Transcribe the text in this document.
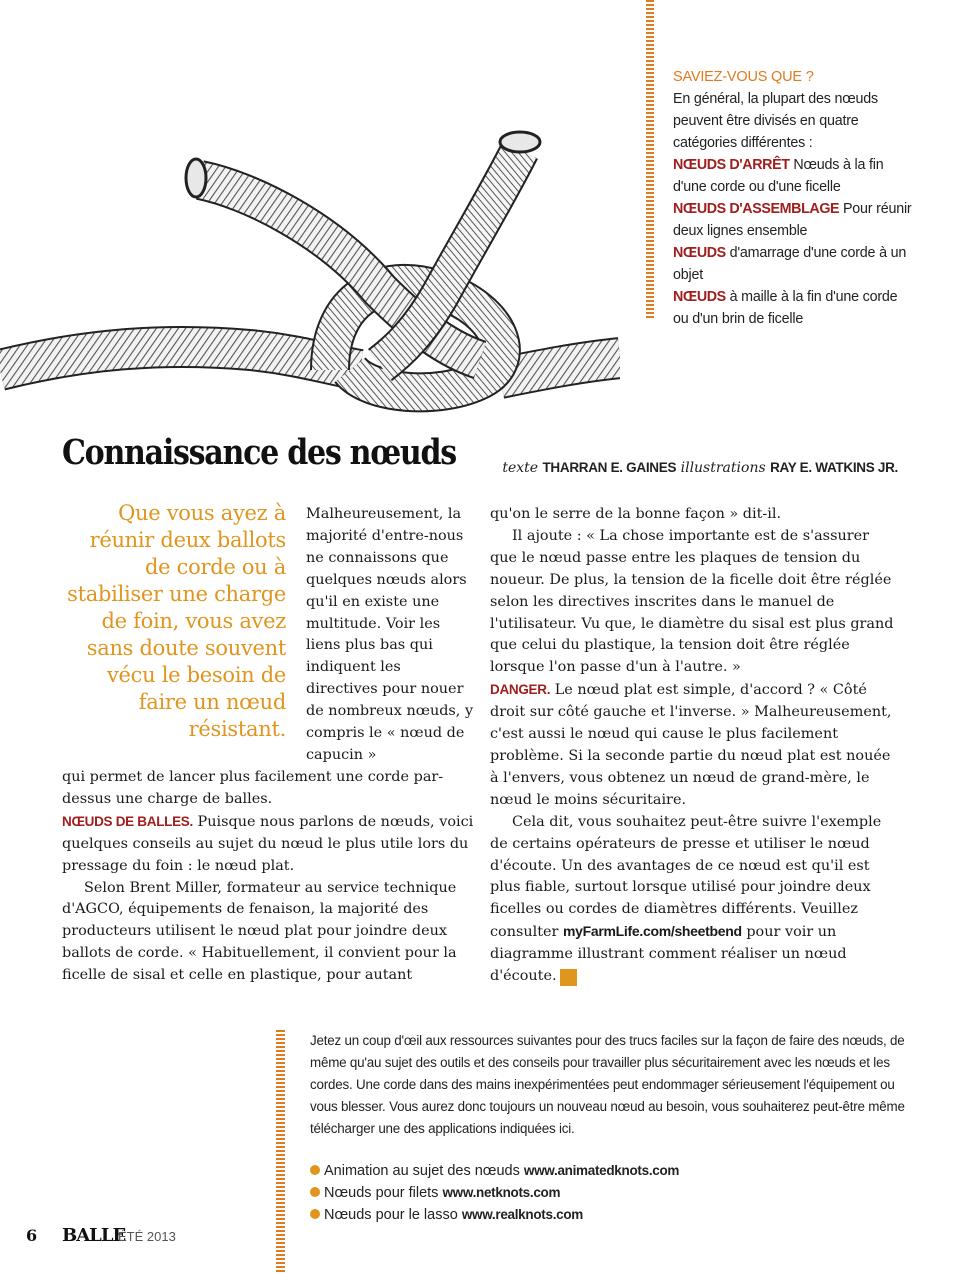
SAVIEZ-VOUS QUE ?
En général, la plupart des nœuds peuvent être divisés en quatre catégories différentes :
NŒUDS D'ARRÊT Nœuds à la fin d'une corde ou d'une ficelle
NŒUDS D'ASSEMBLAGE Pour réunir deux lignes ensemble
NŒUDS d'amarrage d'une corde à un objet
NŒUDS à maille à la fin d'une corde ou d'un brin de ficelle
Connaissance des nœuds	texte THARRAN E. GAINES illustrations RAY E. WATKINS JR.
Que vous ayez à réunir deux ballots de corde ou à stabiliser une charge de foin, vous avez sans doute souvent vécu le besoin de faire un nœud résistant.

Malheureusement, la majorité d'entre-nous ne connaissons que quelques nœuds alors qu'il en existe une multitude. Voir les liens plus bas qui indiquent les directives pour nouer de nombreux nœuds, y compris le « nœud de capucin »

qui permet de lancer plus facilement une corde par-dessus une charge de balles.

NŒUDS DE BALLES. Puisque nous parlons de nœuds, voici quelques conseils au sujet du nœud le plus utile lors du pressage du foin : le nœud plat.

Selon Brent Miller, formateur au service technique d'AGCO, équipements de fenaison, la majorité des producteurs utilisent le nœud plat pour joindre deux ballots de corde. « Habituellement, il convient pour la ficelle de sisal et celle en plastique, pour autant

qu'on le serre de la bonne façon » dit-il.

Il ajoute : « La chose importante est de s'assurer que le nœud passe entre les plaques de tension du noueur. De plus, la tension de la ficelle doit être réglée selon les directives inscrites dans le manuel de l'utilisateur. Vu que, le diamètre du sisal est plus grand que celui du plastique, la tension doit être réglée lorsque l'on passe d'un à l'autre. »

DANGER. Le nœud plat est simple, d'accord ? « Côté droit sur côté gauche et l'inverse. » Malheureusement, c'est aussi le nœud qui cause le plus facilement problème. Si la seconde partie du nœud plat est nouée à l'envers, vous obtenez un nœud de grand-mère, le nœud le moins sécuritaire.

Cela dit, vous souhaitez peut-être suivre l'exemple de certains opérateurs de presse et utiliser le nœud d'écoute. Un des avantages de ce nœud est qu'il est plus fiable, surtout lorsque utilisé pour joindre deux ficelles ou cordes de diamètres différents. Veuillez consulter myFarmLife.com/sheetbend pour voir un diagramme illustrant comment réaliser un nœud d'écoute. B

Jetez un coup d'œil aux ressources suivantes pour des trucs faciles sur la façon de faire des nœuds, de même qu'au sujet des outils et des conseils pour travailler plus sécuritairement avec les nœuds et les cordes. Une corde dans des mains inexpérimentées peut endommager sérieusement l'équipement ou vous blesser. Vous aurez donc toujours un nouveau nœud au besoin, vous souhaiterez peut-être même télécharger une des applications indiquées ici.

Animation au sujet des nœuds www.animatedknots.com
Nœuds pour filets www.netknots.com
Nœuds pour le lasso www.realknots.com
6 BALLE
ÉTÉ 2013
